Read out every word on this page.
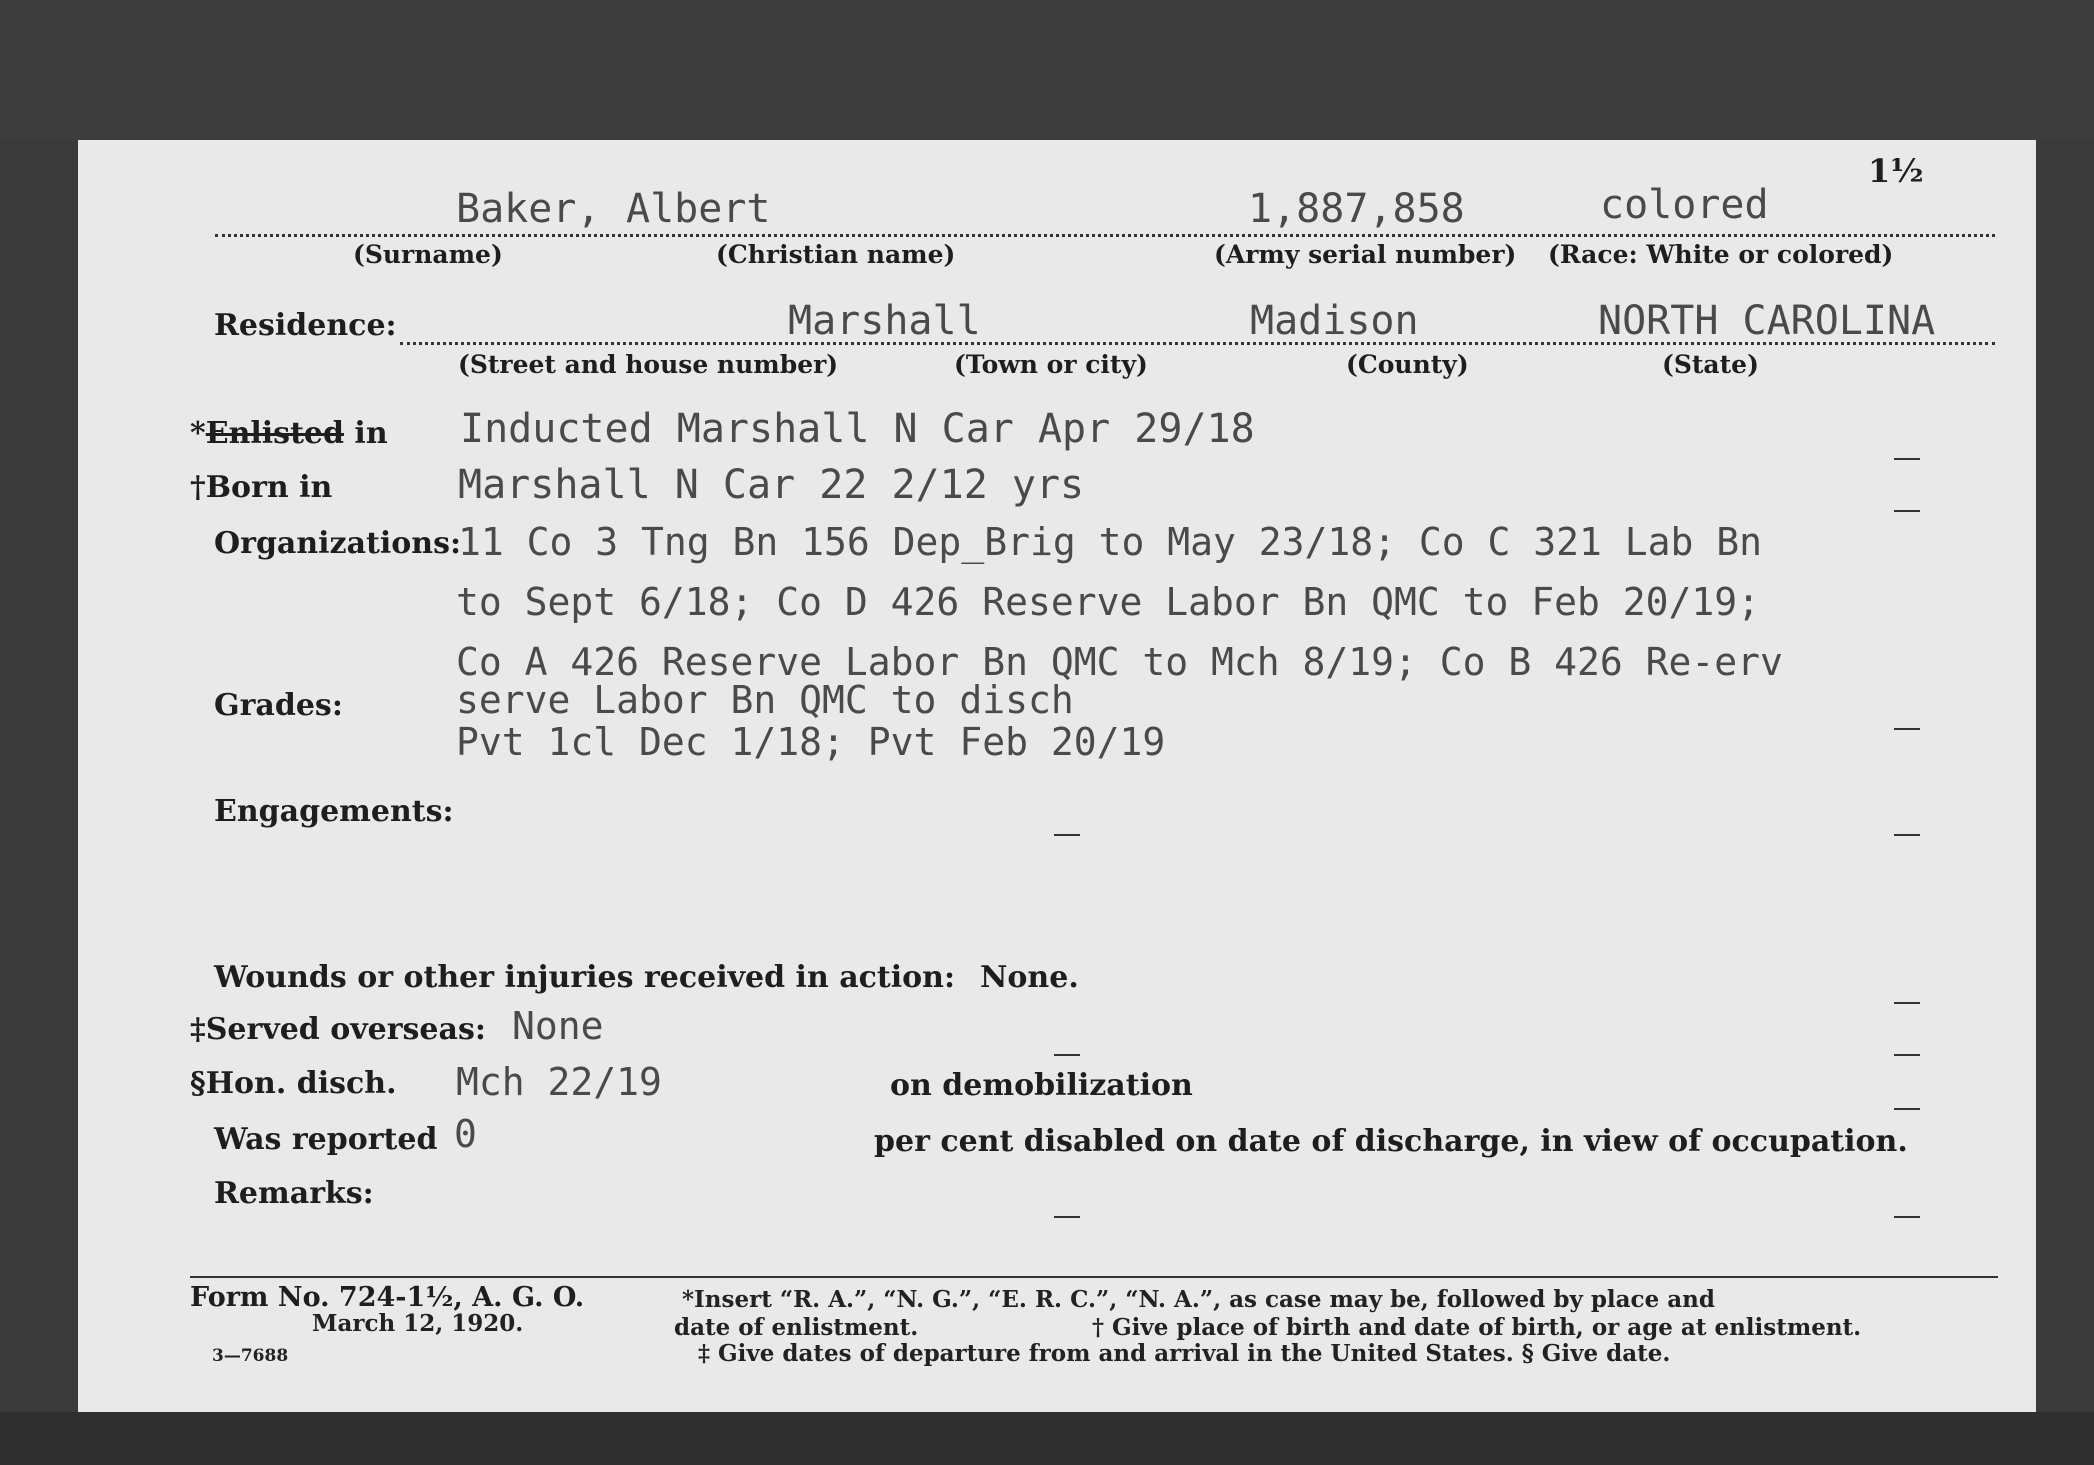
1½
Baker, Albert	1,887,858	colored
(Surname)	(Christian name)	(Army serial number) (Race: White or colored)
Residence:	Marshall	Madison	NORTH CAROLINA
(Street and house number)	(Town or city)	(County)	(State)
*Enlisted in Inducted Marshall N Car Apr 29/18
†Born in	Marshall N Car 22 2/12 yrs
Organizations:
11 Co 3 Tng Bn 156 Dep_Brig to May 23/18; Co C 321 Lab Bn
to Sept 6/18; Co D 426 Reserve Labor Bn QMC to Feb 20/19;
Co A 426 Reserve Labor Bn QMC to Mch 8/19; Co B 426 Re-erv
serve Labor Bn QMC to disch
Grades:
Pvt 1cl Dec 1/18; Pvt Feb 20/19
Engagements:
Wounds or other injuries received in action: None.
‡Served overseas: None
§Hon. disch. Mch 22/19	on demobilization
Was reported 0	per cent disabled on date of discharge, in view of occupation.
Remarks:
Form No. 724-1½, A. G. O.
March 12, 1920.
3—7688
*Insert “R. A.”, “N. G.”, “E. R. C.”, “N. A.”, as case may be, followed by place and
date of enlistment.	† Give place of birth and date of birth, or age at enlistment.
‡ Give dates of departure from and arrival in the United States. § Give date.
